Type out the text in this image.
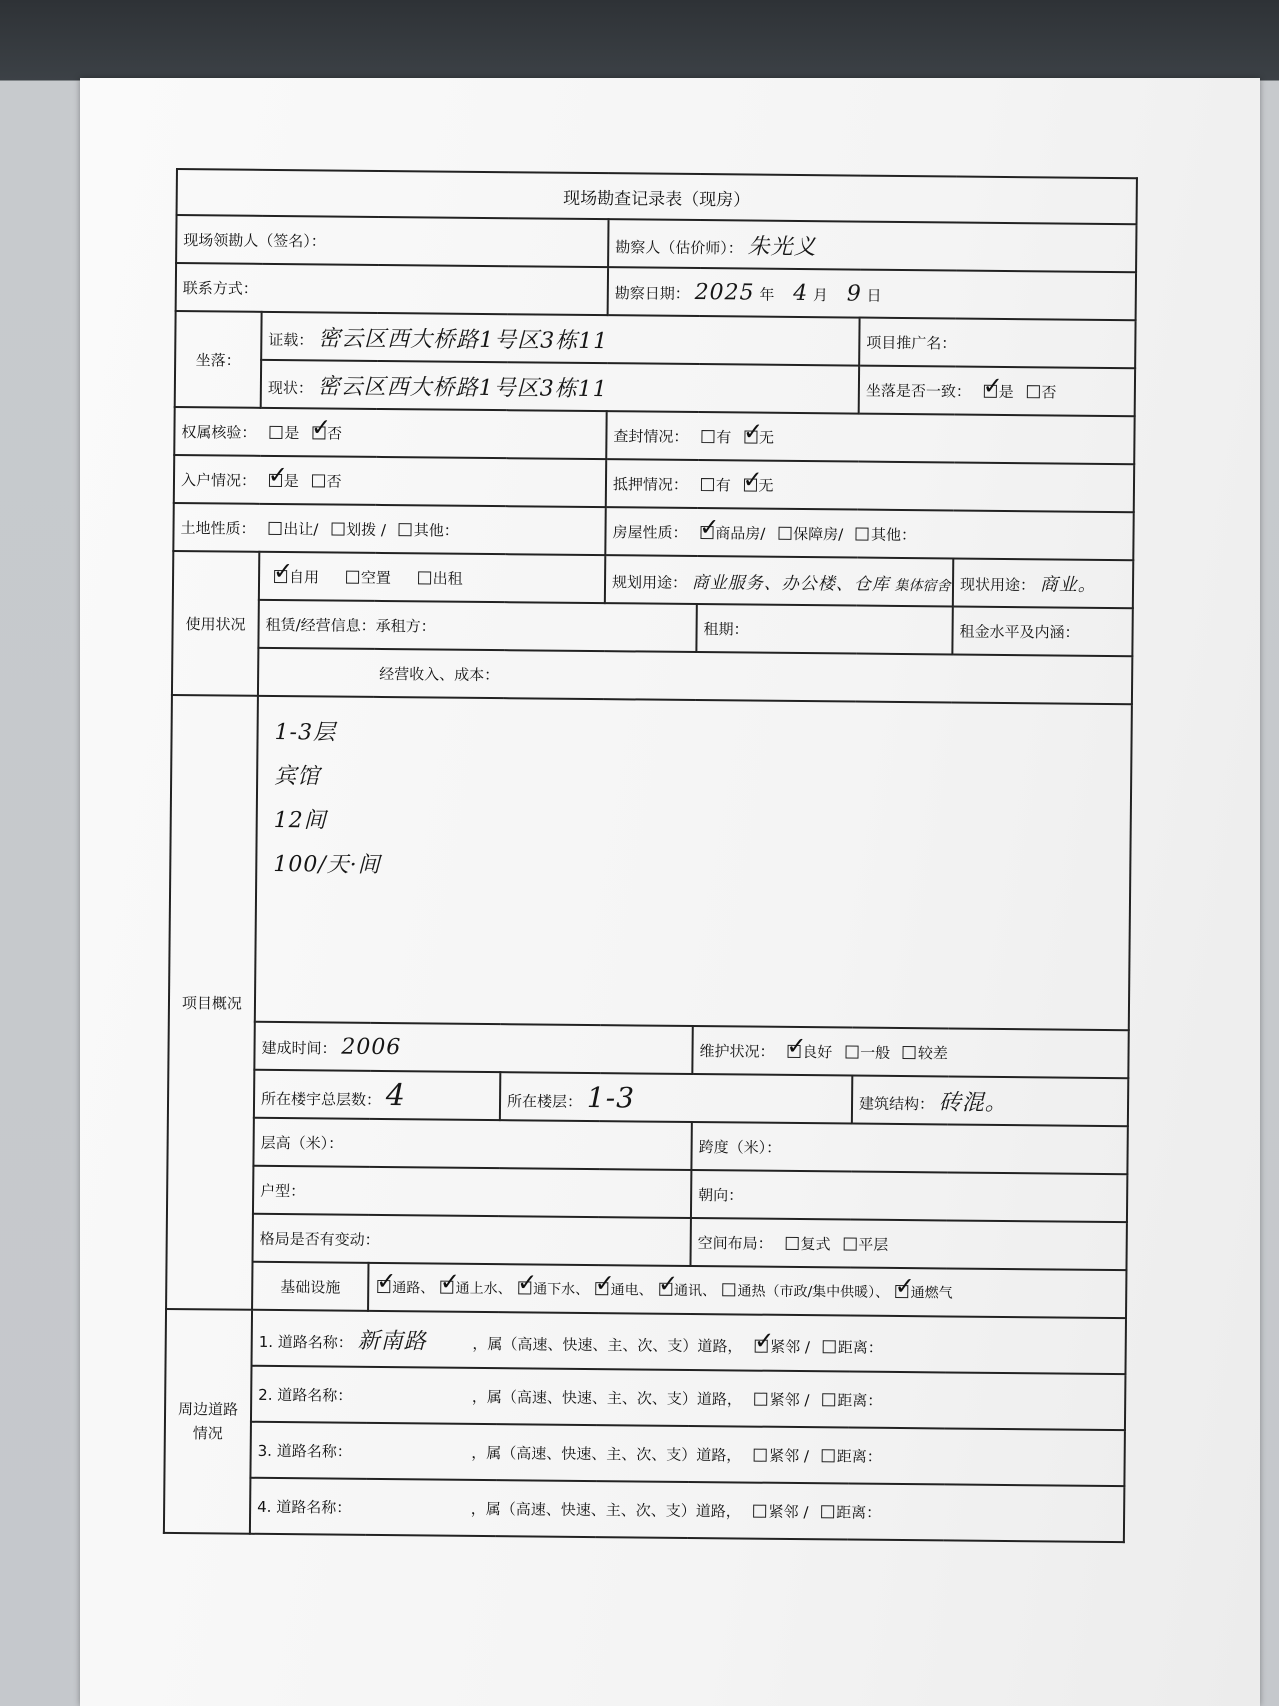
现场勘查记录表（现房）							
现场领勘人（签名）：				勘察人（估价师）： 朱光义			
联系方式：				勘察日期： 2025 年 4 月 9 日			
坐落：	证载： 密云区西大桥路1号区3栋11					项目推广名：	
	现状： 密云区西大桥路1号区3栋11					坐落是否一致： ✓ 是 否
权属核验： 是 ✓ 否				查封情况： 有 ✓ 无
入户情况： ✓ 是 否				抵押情况： 有 ✓ 无
土地性质： 出让/ 划拨 / 其他：				房屋性质： ✓ 商品房/ 保障房/ 其他：
使用状况	✓自用 空置 出租			规划用途： 商业服务、办公楼、仓库 集体宿舍			现状用途： 商业。
	租赁/经营信息：承租方：				租期：		租金水平及内涵：
	经营收入、成本：						
项目概况	1-3层
宾馆
12间
100/天·间						

	建成时间： 2006				维护状况： ✓ 良好 一般 较差
	所在楼宇总层数： 4		所在楼层： 1-3			建筑结构： 砖混。	
	层高（米）：				跨度（米）：		
	户型：				朝向：		
	格局是否有变动：				空间布局： 复式 平层		
	基础设施	✓通路、 ✓ 通上水、 ✓ 通下水、 ✓ 通电、 ✓ 通讯、 通热（市政/集中供暖）、 ✓ 通燃气
周边道路情况	1. 道路名称： 新南路 ，属（高速、快速、主、次、支）道路， ✓ 紧邻 / 距离：
	2. 道路名称： ，属（高速、快速、主、次、支）道路， 紧邻 / 距离：						
	3. 道路名称： ，属（高速、快速、主、次、支）道路， 紧邻 / 距离：						
	4. 道路名称： ，属（高速、快速、主、次、支）道路， 紧邻 / 距离：						
